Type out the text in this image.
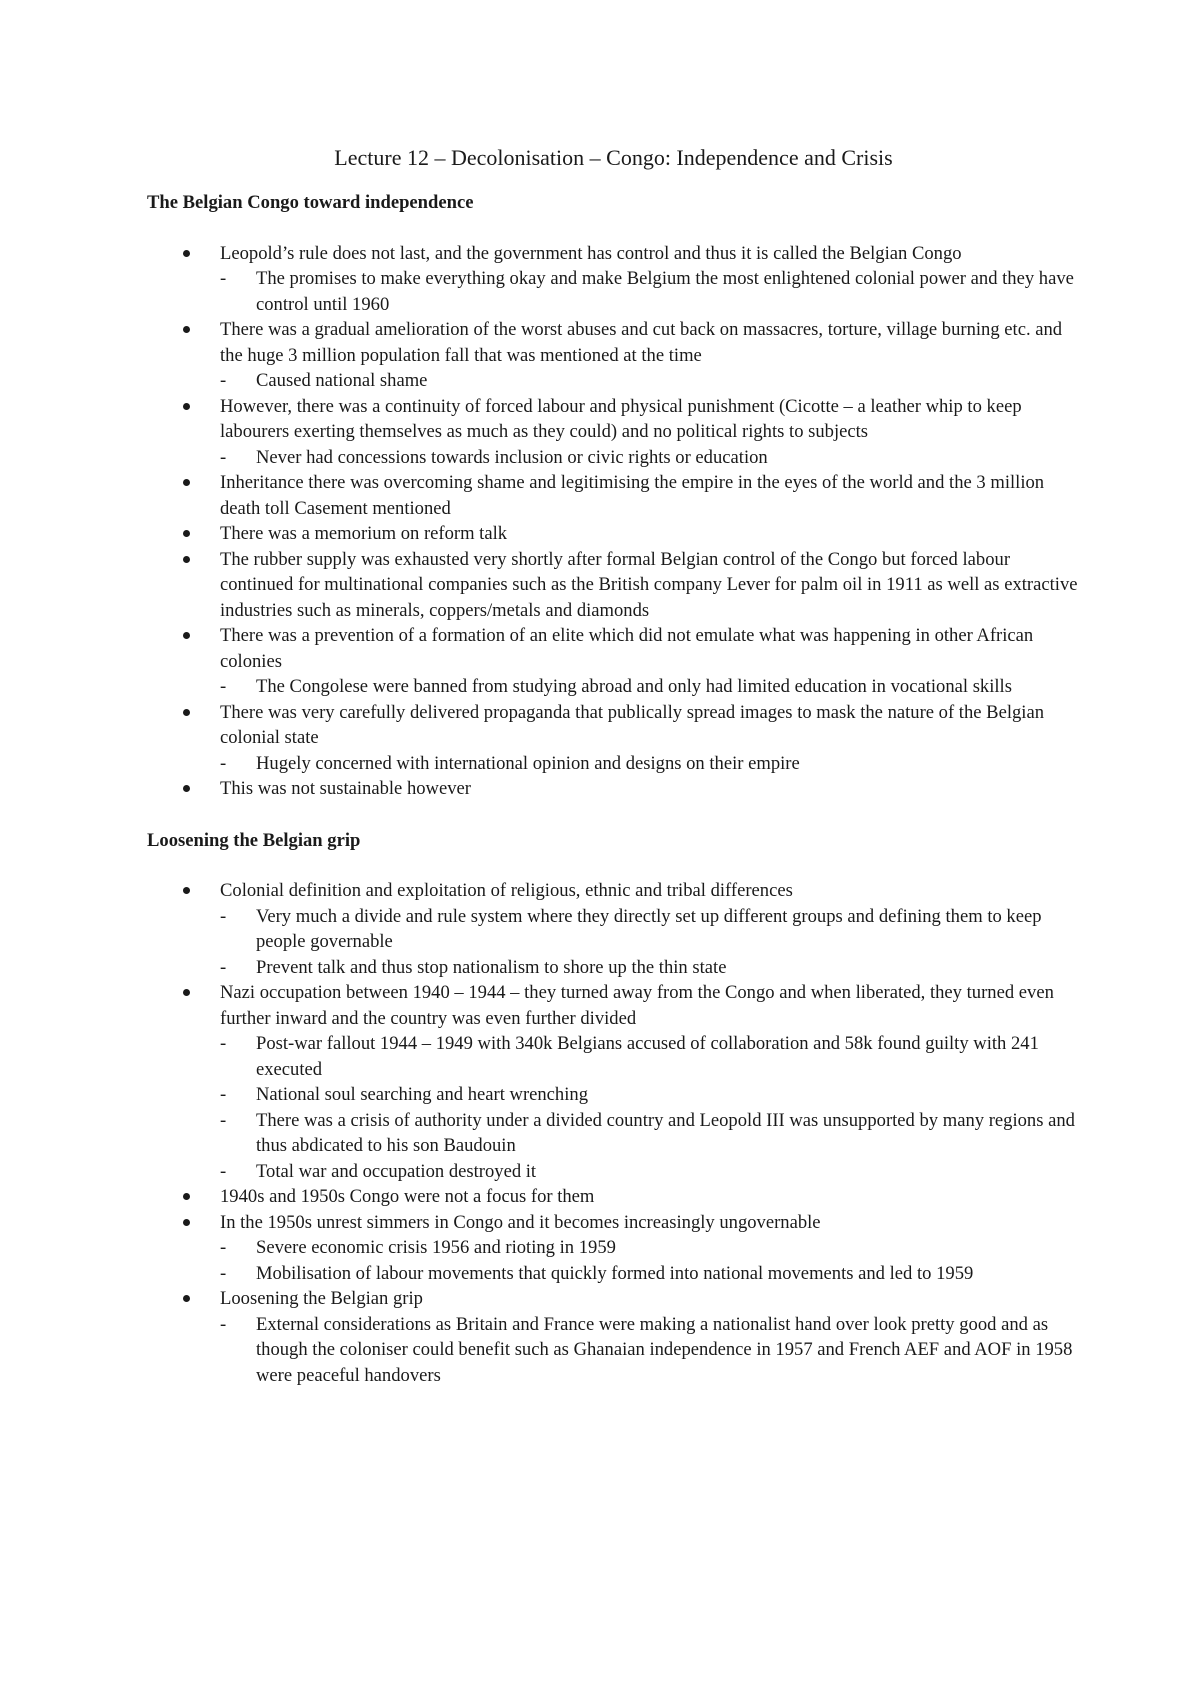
Lecture 12 – Decolonisation – Congo: Independence and Crisis
The Belgian Congo toward independence
Leopold’s rule does not last, and the government has control and thus it is called the Belgian Congo
- The promises to make everything okay and make Belgium the most enlightened colonial power and they have control until 1960
There was a gradual amelioration of the worst abuses and cut back on massacres, torture, village burning etc. and the huge 3 million population fall that was mentioned at the time
- Caused national shame
However, there was a continuity of forced labour and physical punishment (Cicotte – a leather whip to keep labourers exerting themselves as much as they could) and no political rights to subjects
- Never had concessions towards inclusion or civic rights or education
Inheritance there was overcoming shame and legitimising the empire in the eyes of the world and the 3 million death toll Casement mentioned
There was a memorium on reform talk
The rubber supply was exhausted very shortly after formal Belgian control of the Congo but forced labour continued for multinational companies such as the British company Lever for palm oil in 1911 as well as extractive industries such as minerals, coppers/metals and diamonds
There was a prevention of a formation of an elite which did not emulate what was happening in other African colonies
- The Congolese were banned from studying abroad and only had limited education in vocational skills
There was very carefully delivered propaganda that publically spread images to mask the nature of the Belgian colonial state
- Hugely concerned with international opinion and designs on their empire
This was not sustainable however
Loosening the Belgian grip
Colonial definition and exploitation of religious, ethnic and tribal differences
- Very much a divide and rule system where they directly set up different groups and defining them to keep people governable
- Prevent talk and thus stop nationalism to shore up the thin state
Nazi occupation between 1940 – 1944 – they turned away from the Congo and when liberated, they turned even further inward and the country was even further divided
- Post-war fallout 1944 – 1949 with 340k Belgians accused of collaboration and 58k found guilty with 241 executed
- National soul searching and heart wrenching
- There was a crisis of authority under a divided country and Leopold III was unsupported by many regions and thus abdicated to his son Baudouin
- Total war and occupation destroyed it
1940s and 1950s Congo were not a focus for them
In the 1950s unrest simmers in Congo and it becomes increasingly ungovernable
- Severe economic crisis 1956 and rioting in 1959
- Mobilisation of labour movements that quickly formed into national movements and led to 1959
Loosening the Belgian grip
- External considerations as Britain and France were making a nationalist hand over look pretty good and as though the coloniser could benefit such as Ghanaian independence in 1957 and French AEF and AOF in 1958 were peaceful handovers
